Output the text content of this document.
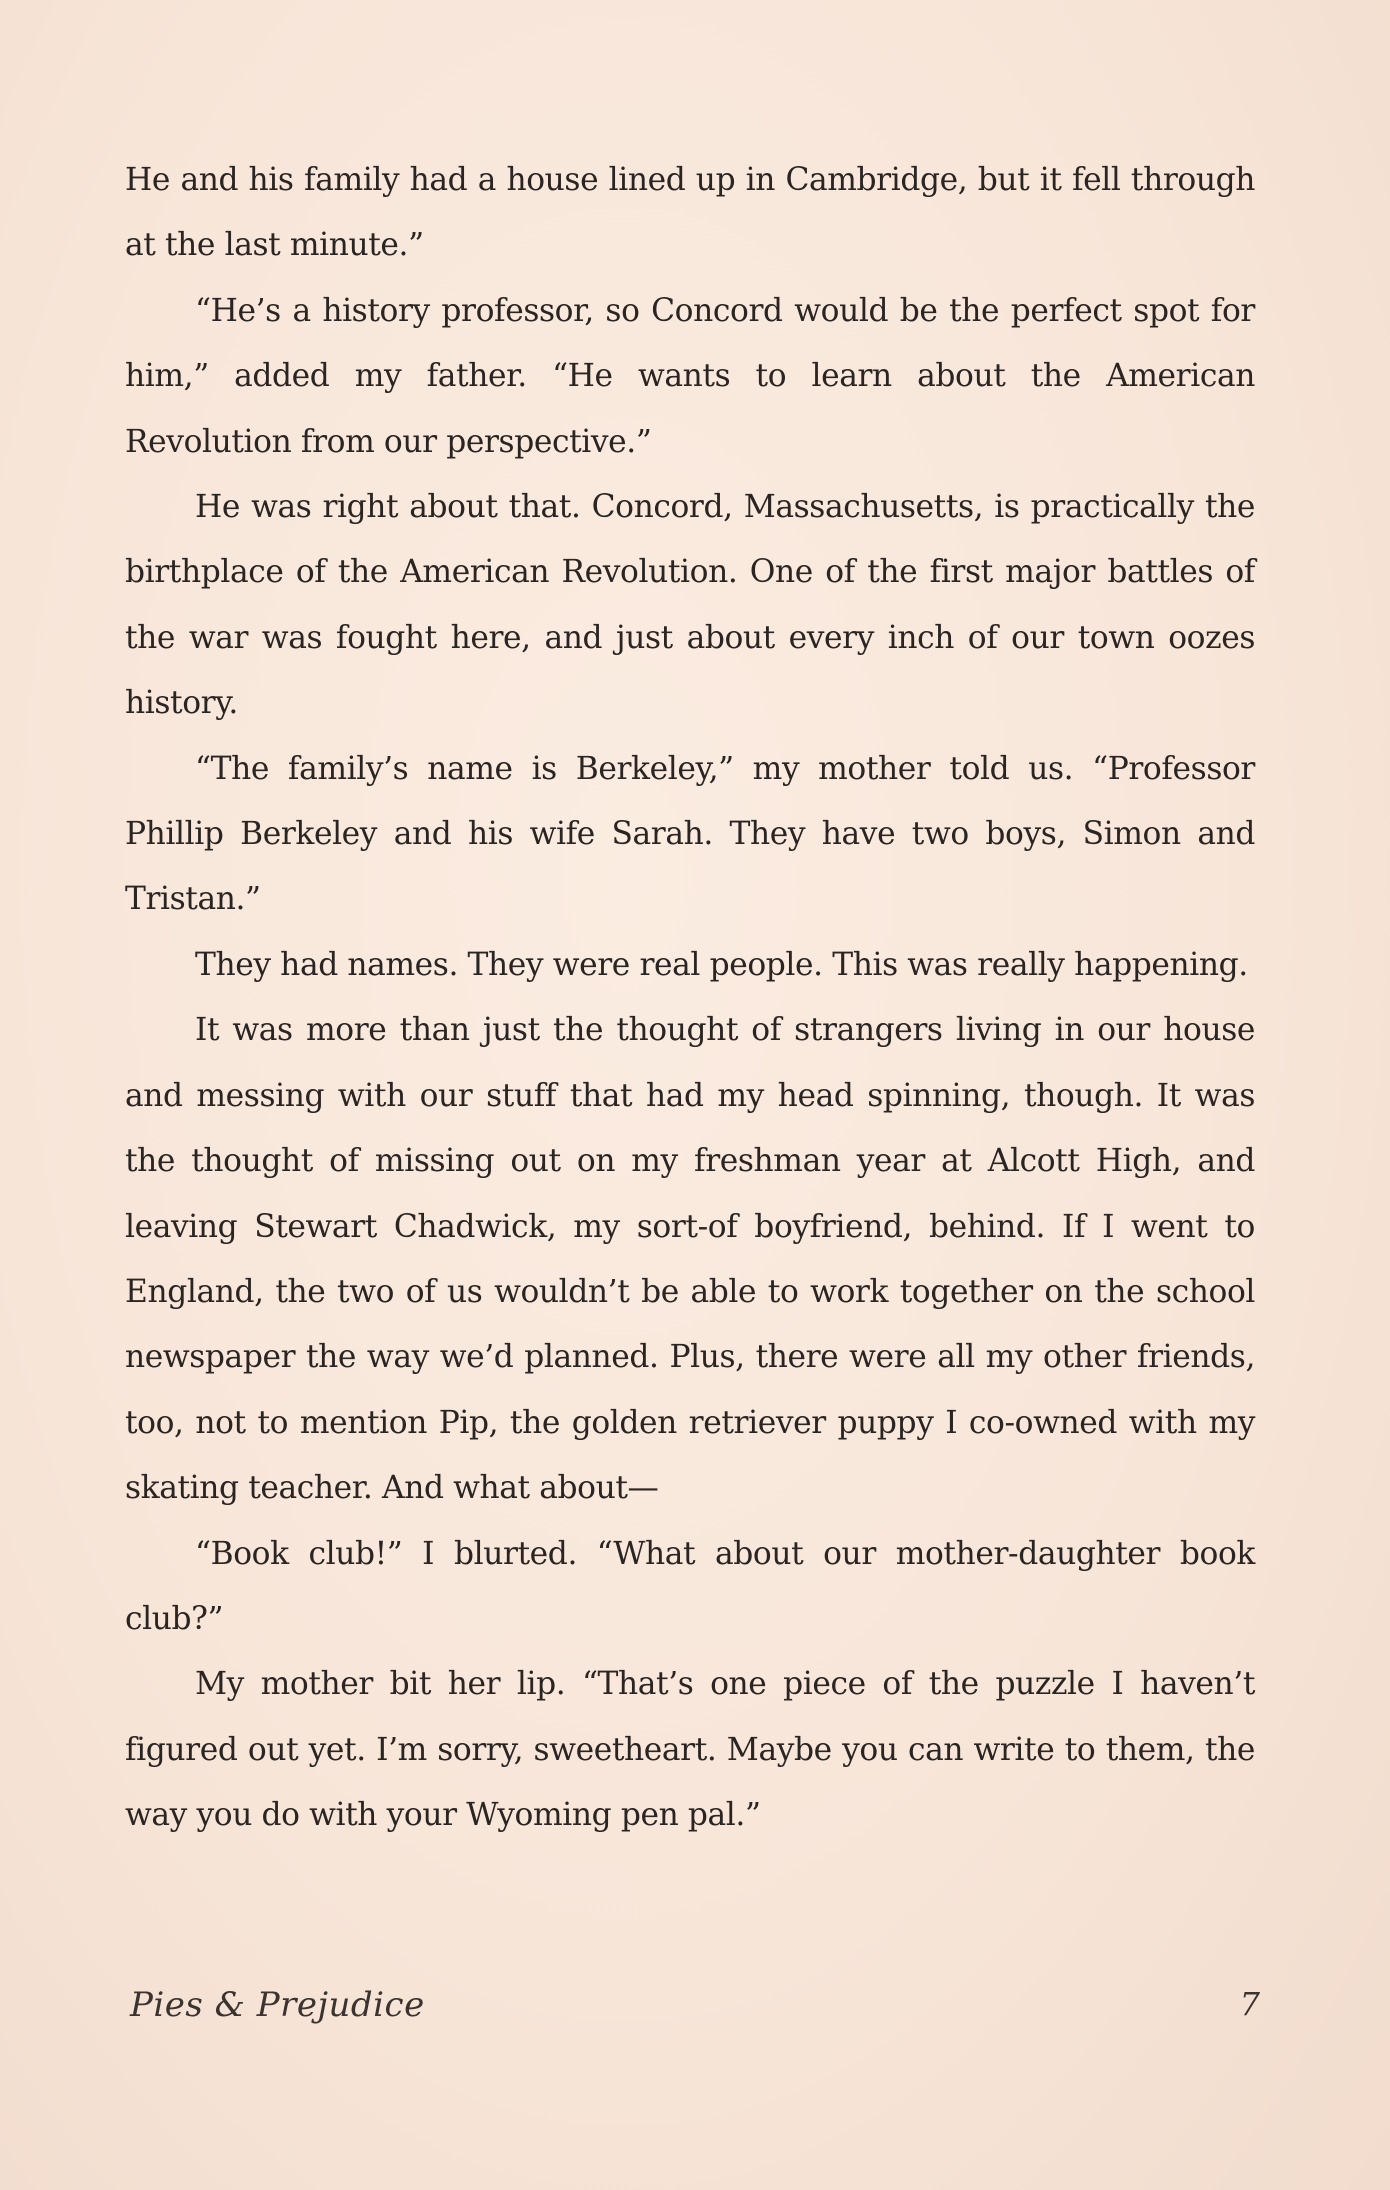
He and his family had a house lined up in Cambridge, but it fell through at the last minute.”

“He’s a history professor, so Concord would be the perfect spot for him,” added my father. “He wants to learn about the American Revolution from our perspective.”

He was right about that. Concord, Massachusetts, is practically the birthplace of the American Revolution. One of the first major battles of the war was fought here, and just about every inch of our town oozes history.

“The family’s name is Berkeley,” my mother told us. “Professor Phillip Berkeley and his wife Sarah. They have two boys, Simon and Tristan.”

They had names. They were real people. This was really happening.

It was more than just the thought of strangers living in our house and messing with our stuff that had my head spinning, though. It was the thought of missing out on my freshman year at Alcott High, and leaving Stewart Chadwick, my sort-of boyfriend, behind. If I went to England, the two of us wouldn’t be able to work together on the school newspaper the way we’d planned. Plus, there were all my other friends, too, not to mention Pip, the golden retriever puppy I co-owned with my skating teacher. And what about—

“Book club!” I blurted. “What about our mother-daughter book club?”

My mother bit her lip. “That’s one piece of the puzzle I haven’t figured out yet. I’m sorry, sweetheart. Maybe you can write to them, the way you do with your Wyoming pen pal.”

Pies & Prejudice	7
